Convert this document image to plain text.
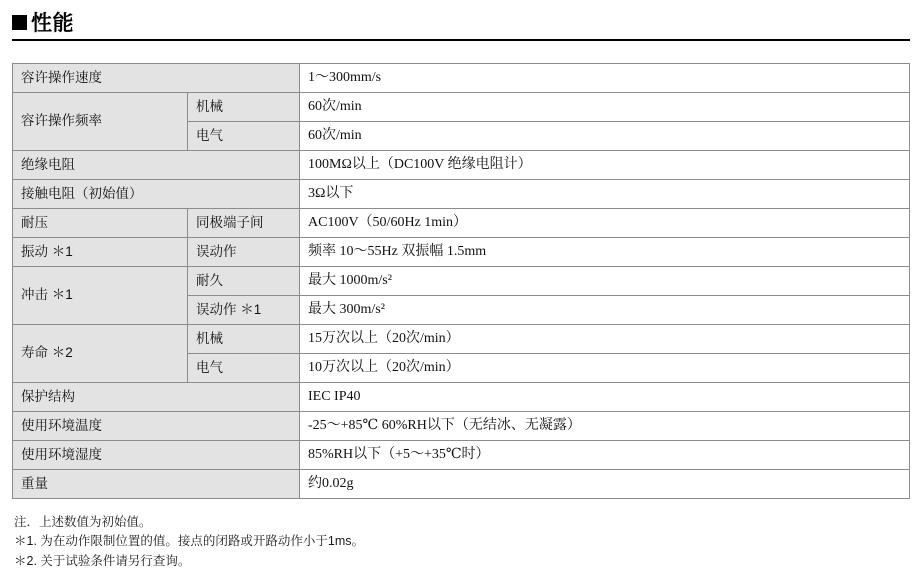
性能
容许操作速度		1～300mm/s
容许操作频率	机械	60次/min
	电气	60次/min
绝缘电阻		100MΩ以上（DC100V 绝缘电阻计）
接触电阻（初始值）		3Ω以下
耐压	同极端子间	AC100V（50/60Hz 1min）
振动 ＊1	误动作	频率 10～55Hz 双振幅 1.5mm
冲击 ＊1	耐久	最大 1000m/s²
	误动作 ＊1	最大 300m/s²
寿命 ＊2	机械	15万次以上（20次/min）
	电气	10万次以上（20次/min）
保护结构		IEC IP40
使用环境温度		-25～+85℃ 60%RH以下（无结冰、无凝露）
使用环境湿度		85%RH以下（+5～+35℃时）
重量		约0.02g
注．上述数值为初始值。
＊1. 为在动作限制位置的值。接点的闭路或开路动作小于1ms。
＊2. 关于试验条件请另行查询。
